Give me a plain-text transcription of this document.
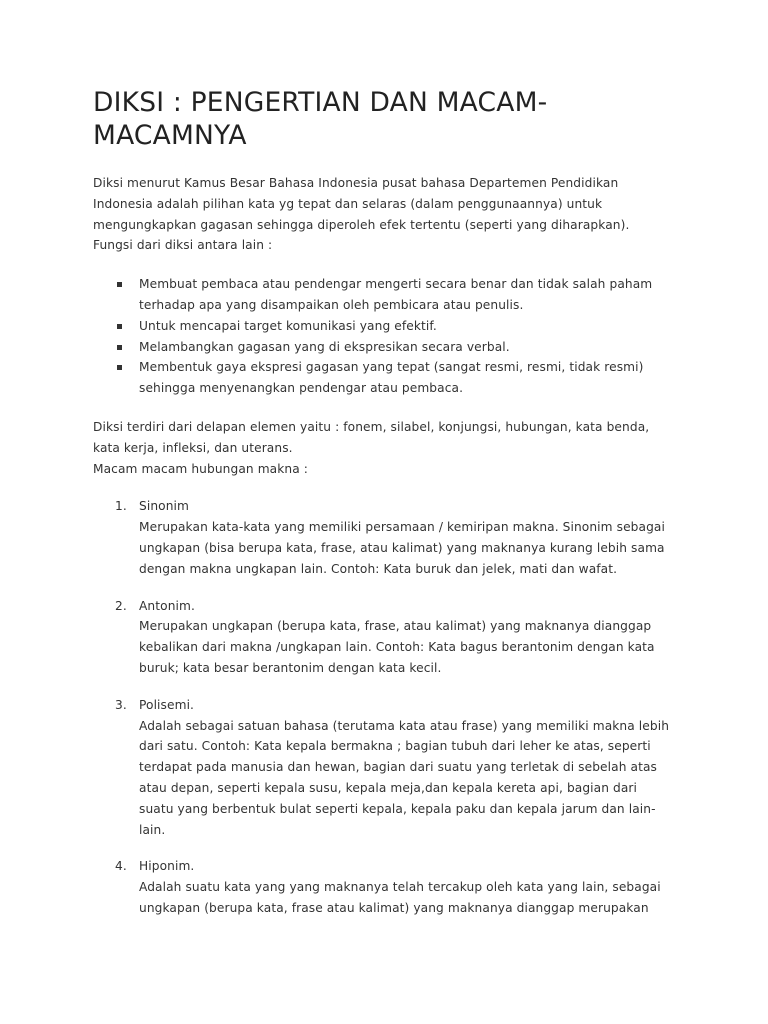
DIKSI : PENGERTIAN DAN MACAM-
MACAMNYA

Diksi menurut Kamus Besar Bahasa Indonesia pusat bahasa Departemen Pendidikan
Indonesia adalah pilihan kata yg tepat dan selaras (dalam penggunaannya) untuk
mengungkapkan gagasan sehingga diperoleh efek tertentu (seperti yang diharapkan).
Fungsi dari diksi antara lain :

Membuat pembaca atau pendengar mengerti secara benar dan tidak salah paham
terhadap apa yang disampaikan oleh pembicara atau penulis.
Untuk mencapai target komunikasi yang efektif.
Melambangkan gagasan yang di ekspresikan secara verbal.
Membentuk gaya ekspresi gagasan yang tepat (sangat resmi, resmi, tidak resmi)
sehingga menyenangkan pendengar atau pembaca.

Diksi terdiri dari delapan elemen yaitu : fonem, silabel, konjungsi, hubungan, kata benda,
kata kerja, infleksi, dan uterans.
Macam macam hubungan makna :

1. Sinonim
Merupakan kata-kata yang memiliki persamaan / kemiripan makna. Sinonim sebagai
ungkapan (bisa berupa kata, frase, atau kalimat) yang maknanya kurang lebih sama
dengan makna ungkapan lain. Contoh: Kata buruk dan jelek, mati dan wafat.
2. Antonim.
Merupakan ungkapan (berupa kata, frase, atau kalimat) yang maknanya dianggap
kebalikan dari makna /ungkapan lain. Contoh: Kata bagus berantonim dengan kata
buruk; kata besar berantonim dengan kata kecil.
3. Polisemi.
Adalah sebagai satuan bahasa (terutama kata atau frase) yang memiliki makna lebih
dari satu. Contoh: Kata kepala bermakna ; bagian tubuh dari leher ke atas, seperti
terdapat pada manusia dan hewan, bagian dari suatu yang terletak di sebelah atas
atau depan, seperti kepala susu, kepala meja,dan kepala kereta api, bagian dari
suatu yang berbentuk bulat seperti kepala, kepala paku dan kepala jarum dan lain-
lain.
4. Hiponim.
Adalah suatu kata yang yang maknanya telah tercakup oleh kata yang lain, sebagai
ungkapan (berupa kata, frase atau kalimat) yang maknanya dianggap merupakan
